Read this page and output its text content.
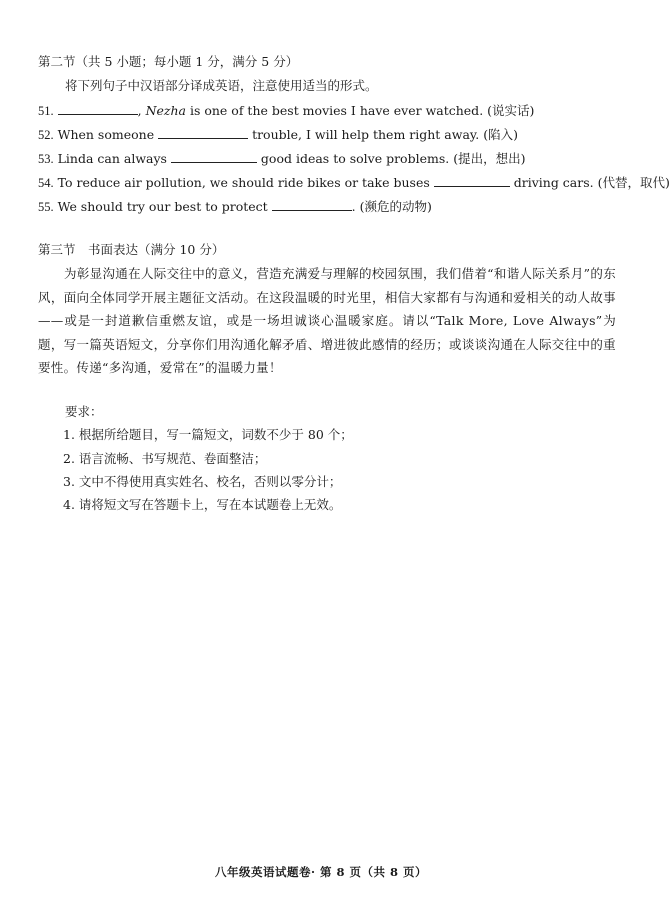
第二节（共 5 小题；每小题 1 分，满分 5 分）
将下列句子中汉语部分译成英语，注意使用适当的形式。
51.	, Nezha is one of the best movies I have ever watched. (说实话)
52. When someone	trouble, I will help them right away. (陷入)
53. Linda can always	good ideas to solve problems. (提出，想出)
54. To reduce air pollution, we should ride bikes or take buses	driving cars. (代替，取代)
55. We should try our best to protect	. (濒危的动物)
第三节　书面表达（满分 10 分）
为彰显沟通在人际交往中的意义，营造充满爱与理解的校园氛围，我们借着“和谐人际关系月”的东风，面向全体同学开展主题征文活动。在这段温暖的时光里，相信大家都有与沟通和爱相关的动人故事——或是一封道歉信重燃友谊，或是一场坦诚谈心温暖家庭。请以“Talk More, Love Always”为题，写一篇英语短文，分享你们用沟通化解矛盾、增进彼此感情的经历；或谈谈沟通在人际交往中的重要性。传递“多沟通，爱常在”的温暖力量！
要求：
1. 根据所给题目，写一篇短文，词数不少于 80 个；
2. 语言流畅、书写规范、卷面整洁；
3. 文中不得使用真实姓名、校名，否则以零分计；
4. 请将短文写在答题卡上，写在本试题卷上无效。
八年级英语试题卷· 第 8 页（共 8 页）
